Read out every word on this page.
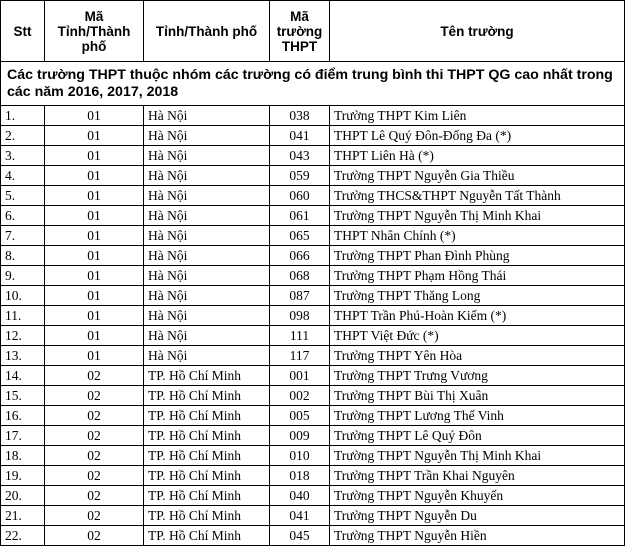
Stt	Mã Tỉnh/Thành phố	Tỉnh/Thành phố	Mã trường THPT	Tên trường
Các trường THPT thuộc nhóm các trường có điểm trung bình thi THPT QG cao nhất trong các năm 2016, 2017, 2018				
1.	01	Hà Nội	038	Trường THPT Kim Liên
2.	01	Hà Nội	041	THPT Lê Quý Đôn-Đống Đa (*)
3.	01	Hà Nội	043	THPT Liên Hà (*)
4.	01	Hà Nội	059	Trường THPT Nguyễn Gia Thiều
5.	01	Hà Nội	060	Trường THCS&THPT Nguyễn Tất Thành
6.	01	Hà Nội	061	Trường THPT Nguyễn Thị Minh Khai
7.	01	Hà Nội	065	THPT Nhân Chính (*)
8.	01	Hà Nội	066	Trường THPT Phan Đình Phùng
9.	01	Hà Nội	068	Trường THPT Phạm Hồng Thái
10.	01	Hà Nội	087	Trường THPT Thăng Long
11.	01	Hà Nội	098	THPT Trần Phú-Hoàn Kiếm (*)
12.	01	Hà Nội	111	THPT Việt Đức (*)
13.	01	Hà Nội	117	Trường THPT Yên Hòa
14.	02	TP. Hồ Chí Minh	001	Trường THPT Trưng Vương
15.	02	TP. Hồ Chí Minh	002	Trường THPT Bùi Thị Xuân
16.	02	TP. Hồ Chí Minh	005	Trường THPT Lương Thế Vinh
17.	02	TP. Hồ Chí Minh	009	Trường THPT Lê Quý Đôn
18.	02	TP. Hồ Chí Minh	010	Trường THPT Nguyễn Thị Minh Khai
19.	02	TP. Hồ Chí Minh	018	Trường THPT Trần Khai Nguyên
20.	02	TP. Hồ Chí Minh	040	Trường THPT Nguyễn Khuyến
21.	02	TP. Hồ Chí Minh	041	Trường THPT Nguyễn Du
22.	02	TP. Hồ Chí Minh	045	Trường THPT Nguyễn Hiền
